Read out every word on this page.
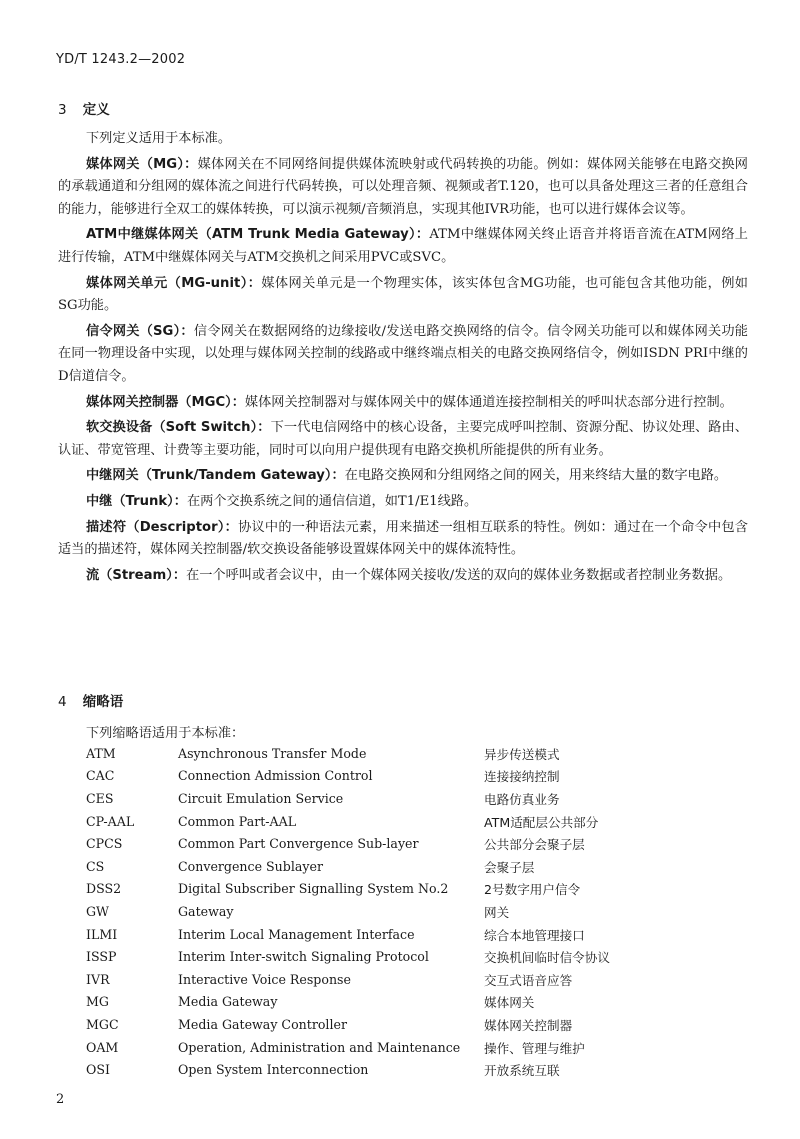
YD/T 1243.2—2002
3 定义

下列定义适用于本标准。

媒体网关（MG）：媒体网关在不同网络间提供媒体流映射或代码转换的功能。例如：媒体网关能够在电路交换网的承载通道和分组网的媒体流之间进行代码转换，可以处理音频、视频或者T.120，也可以具备处理这三者的任意组合的能力，能够进行全双工的媒体转换，可以演示视频/音频消息，实现其他IVR功能，也可以进行媒体会议等。

ATM中继媒体网关（ATM Trunk Media Gateway）：ATM中继媒体网关终止语音并将语音流在ATM网络上进行传输，ATM中继媒体网关与ATM交换机之间采用PVC或SVC。

媒体网关单元（MG-unit）：媒体网关单元是一个物理实体，该实体包含MG功能，也可能包含其他功能，例如SG功能。

信令网关（SG）：信令网关在数据网络的边缘接收/发送电路交换网络的信令。信令网关功能可以和媒体网关功能在同一物理设备中实现，以处理与媒体网关控制的线路或中继终端点相关的电路交换网络信令，例如ISDN PRI中继的D信道信令。

媒体网关控制器（MGC）：媒体网关控制器对与媒体网关中的媒体通道连接控制相关的呼叫状态部分进行控制。

软交换设备（Soft Switch）：下一代电信网络中的核心设备，主要完成呼叫控制、资源分配、协议处理、路由、认证、带宽管理、计费等主要功能，同时可以向用户提供现有电路交换机所能提供的所有业务。

中继网关（Trunk/Tandem Gateway）：在电路交换网和分组网络之间的网关，用来终结大量的数字电路。

中继（Trunk）：在两个交换系统之间的通信信道，如T1/E1线路。

描述符（Descriptor）：协议中的一种语法元素，用来描述一组相互联系的特性。例如：通过在一个命令中包含适当的描述符，媒体网关控制器/软交换设备能够设置媒体网关中的媒体流特性。

流（Stream）：在一个呼叫或者会议中，由一个媒体网关接收/发送的双向的媒体业务数据或者控制业务数据。

4 缩略语
下列缩略语适用于本标准：
ATM	Asynchronous Transfer Mode	异步传送模式
CAC	Connection Admission Control	连接接纳控制
CES	Circuit Emulation Service	电路仿真业务
CP-AAL	Common Part-AAL	ATM适配层公共部分
CPCS	Common Part Convergence Sub-layer	公共部分会聚子层
CS	Convergence Sublayer	会聚子层
DSS2	Digital Subscriber Signalling System No.2	2号数字用户信令
GW	Gateway	网关
ILMI	Interim Local Management Interface	综合本地管理接口
ISSP	Interim Inter-switch Signaling Protocol	交换机间临时信令协议
IVR	Interactive Voice Response	交互式语音应答
MG	Media Gateway	媒体网关
MGC	Media Gateway Controller	媒体网关控制器
OAM	Operation, Administration and Maintenance	操作、管理与维护
OSI	Open System Interconnection	开放系统互联
2
